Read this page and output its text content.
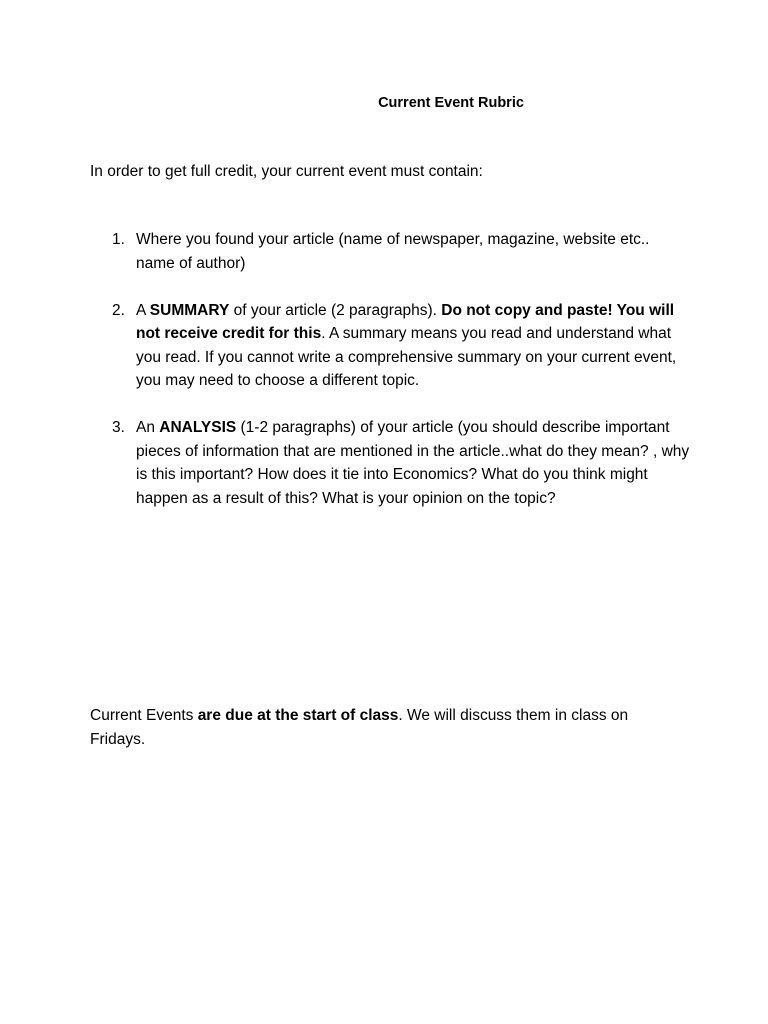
Current Event Rubric

In order to get full credit, your current event must contain:

1. Where you found your article (name of newspaper, magazine, website etc.. name of author)
2. A SUMMARY of your article (2 paragraphs). Do not copy and paste! You will not receive credit for this. A summary means you read and understand what you read. If you cannot write a comprehensive summary on your current event, you may need to choose a different topic.
3. An ANALYSIS (1-2 paragraphs) of your article (you should describe important pieces of information that are mentioned in the article..what do they mean? , why is this important? How does it tie into Economics? What do you think might happen as a result of this? What is your opinion on the topic?

Current Events are due at the start of class. We will discuss them in class on Fridays.
